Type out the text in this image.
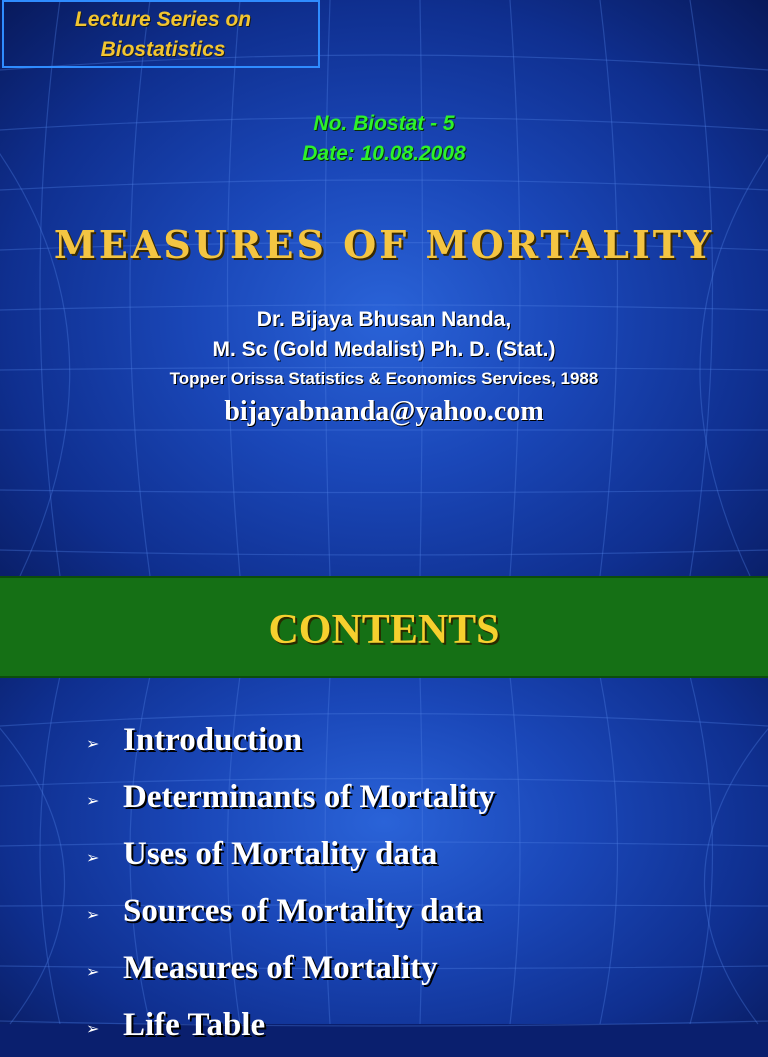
Lecture Series on
Biostatistics
No. Biostat - 5
Date: 10.08.2008
MEASURES OF MORTALITY
Dr. Bijaya Bhusan Nanda,
M. Sc (Gold Medalist) Ph. D. (Stat.)
Topper Orissa Statistics & Economics Services, 1988
bijayabnanda@yahoo.com
CONTENTS
➢ Introduction
➢ Determinants of Mortality
➢ Uses of Mortality data
➢ Sources of Mortality data
➢ Measures of Mortality
➢ Life Table
